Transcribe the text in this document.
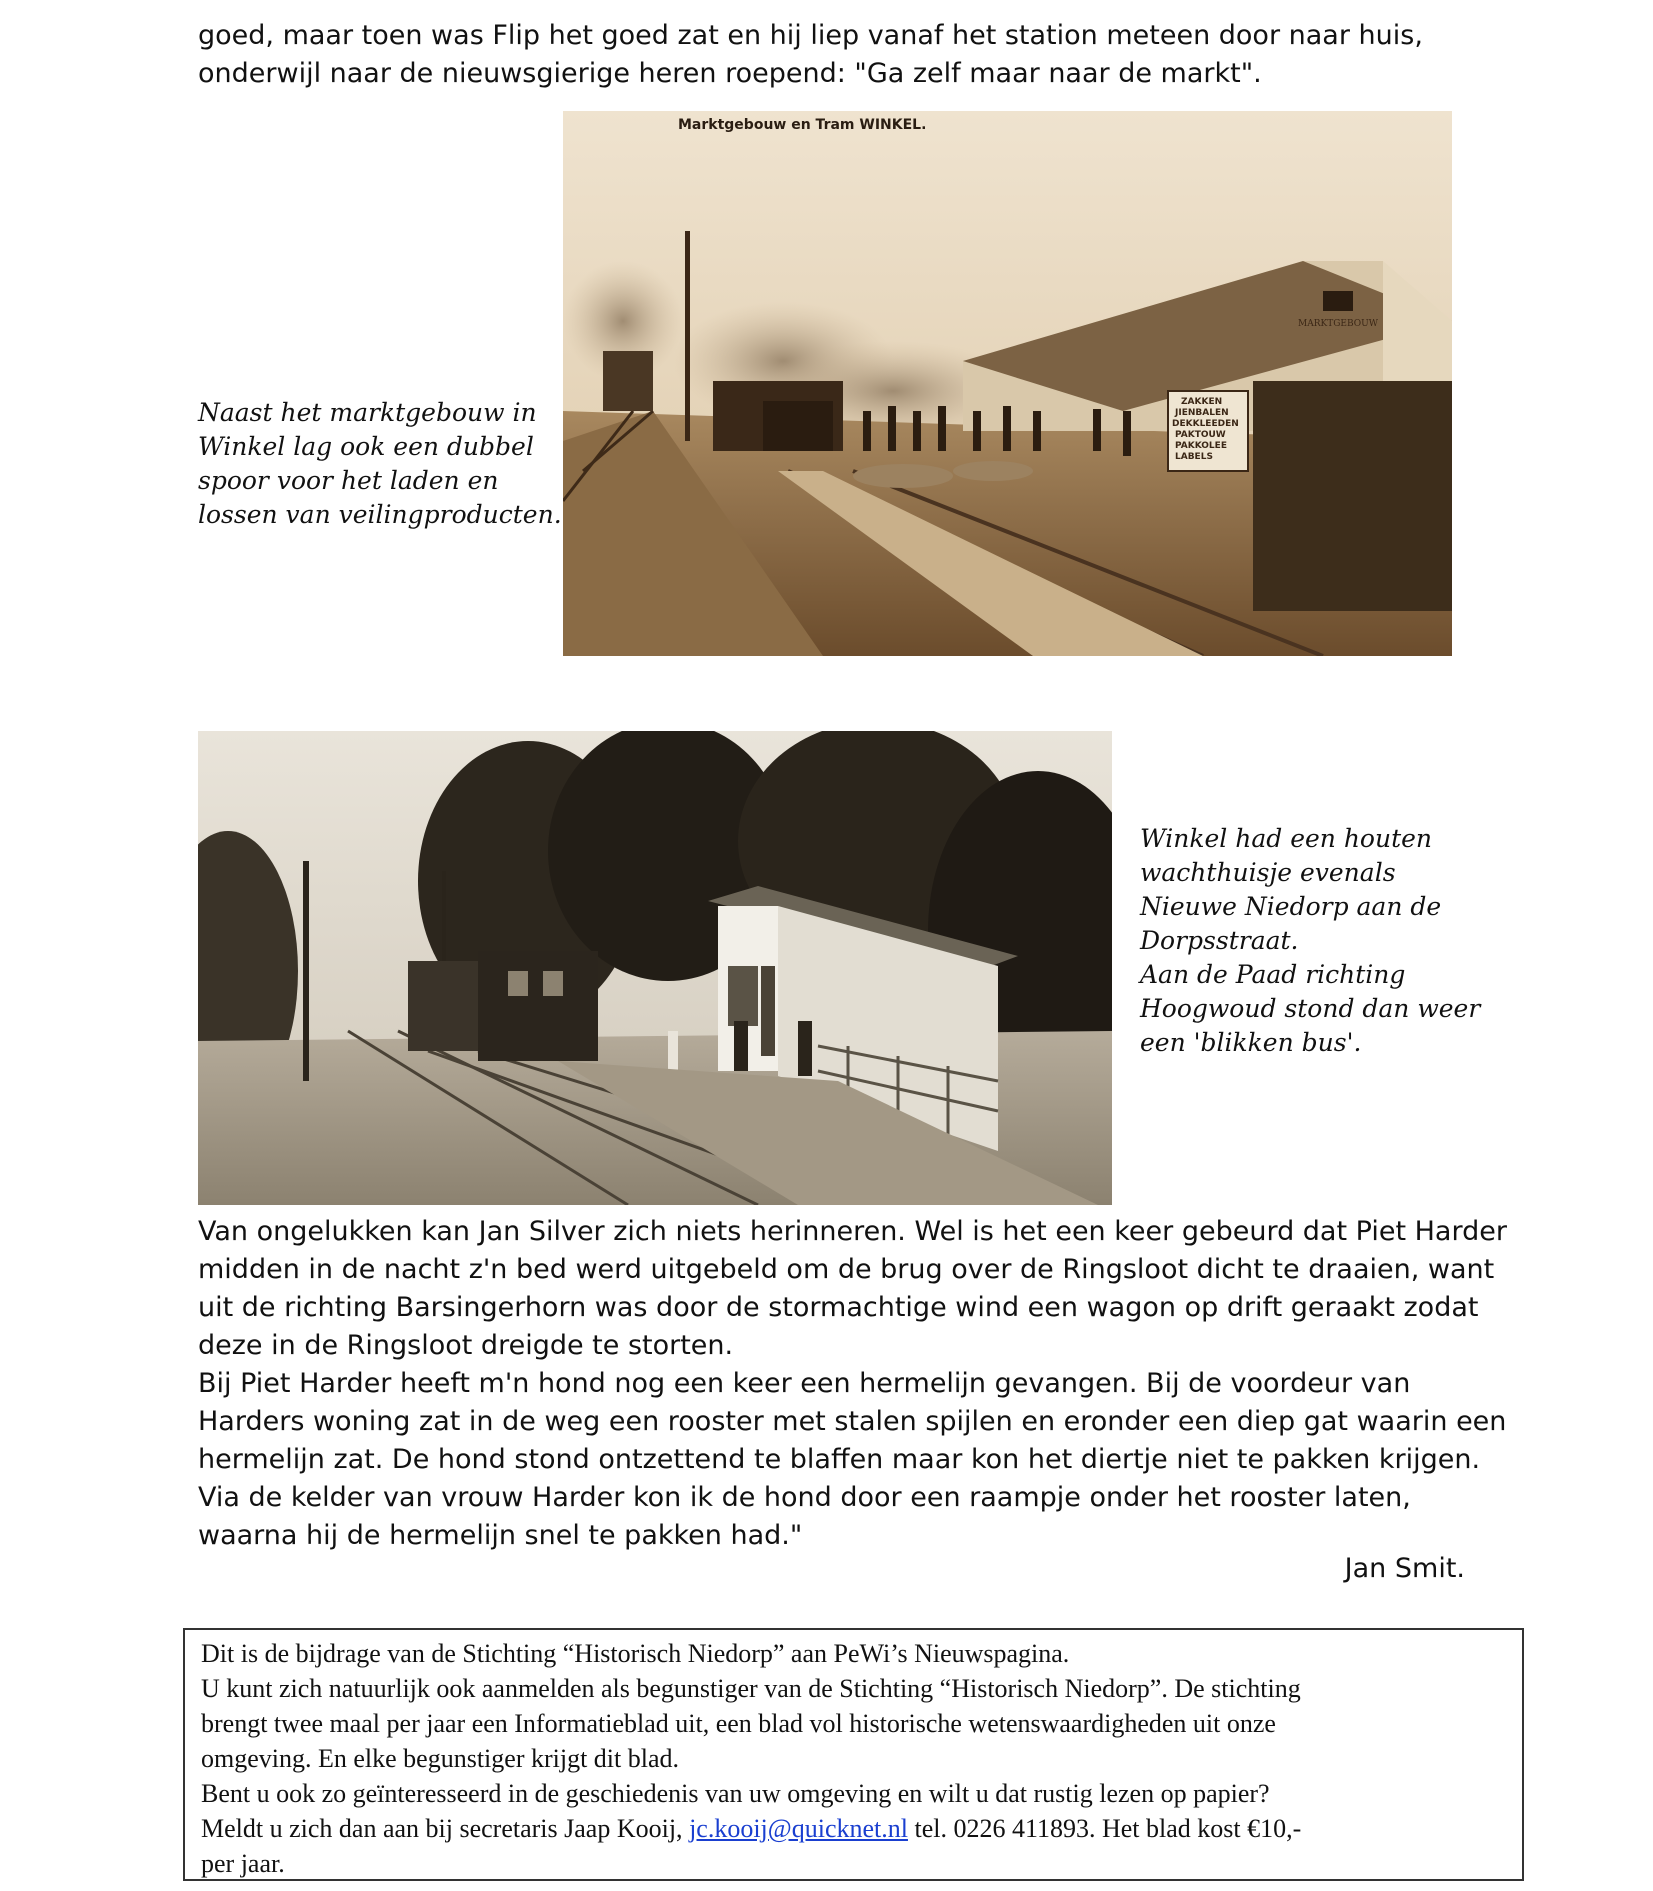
goed, maar toen was Flip het goed zat en hij liep vanaf het station meteen door naar huis,
onderwijl naar de nieuwsgierige heren roepend: "Ga zelf maar naar de markt".
MARKTGEBOUW
ZAKKEN
JIENBALEN
DEKKLEEDEN
PAKTOUW
PAKKOLEE
LABELS
Marktgebouw en Tram WINKEL.
Naast het marktgebouw in
Winkel lag ook een dubbel
spoor voor het laden en
lossen van veilingproducten.
Winkel had een houten
wachthuisje evenals
Nieuwe Niedorp aan de
Dorpsstraat.
Aan de Paad richting
Hoogwoud stond dan weer
een 'blikken bus'.
Van ongelukken kan Jan Silver zich niets herinneren. Wel is het een keer gebeurd dat Piet Harder
midden in de nacht z'n bed werd uitgebeld om de brug over de Ringsloot dicht te draaien, want
uit de richting Barsingerhorn was door de stormachtige wind een wagon op drift geraakt zodat
deze in de Ringsloot dreigde te storten.
Bij Piet Harder heeft m'n hond nog een keer een hermelijn gevangen. Bij de voordeur van
Harders woning zat in de weg een rooster met stalen spijlen en eronder een diep gat waarin een
hermelijn zat. De hond stond ontzettend te blaffen maar kon het diertje niet te pakken krijgen.
Via de kelder van vrouw Harder kon ik de hond door een raampje onder het rooster laten,
waarna hij de hermelijn snel te pakken had."
Jan Smit.
Dit is de bijdrage van de Stichting “Historisch Niedorp” aan PeWi’s Nieuwspagina.
U kunt zich natuurlijk ook aanmelden als begunstiger van de Stichting “Historisch Niedorp”. De stichting
brengt twee maal per jaar een Informatieblad uit, een blad vol historische wetenswaardigheden uit onze
omgeving. En elke begunstiger krijgt dit blad.
Bent u ook zo geïnteresseerd in de geschiedenis van uw omgeving en wilt u dat rustig lezen op papier?
Meldt u zich dan aan bij secretaris Jaap Kooij, jc.kooij@quicknet.nl tel. 0226 411893. Het blad kost €10,-
per jaar.
